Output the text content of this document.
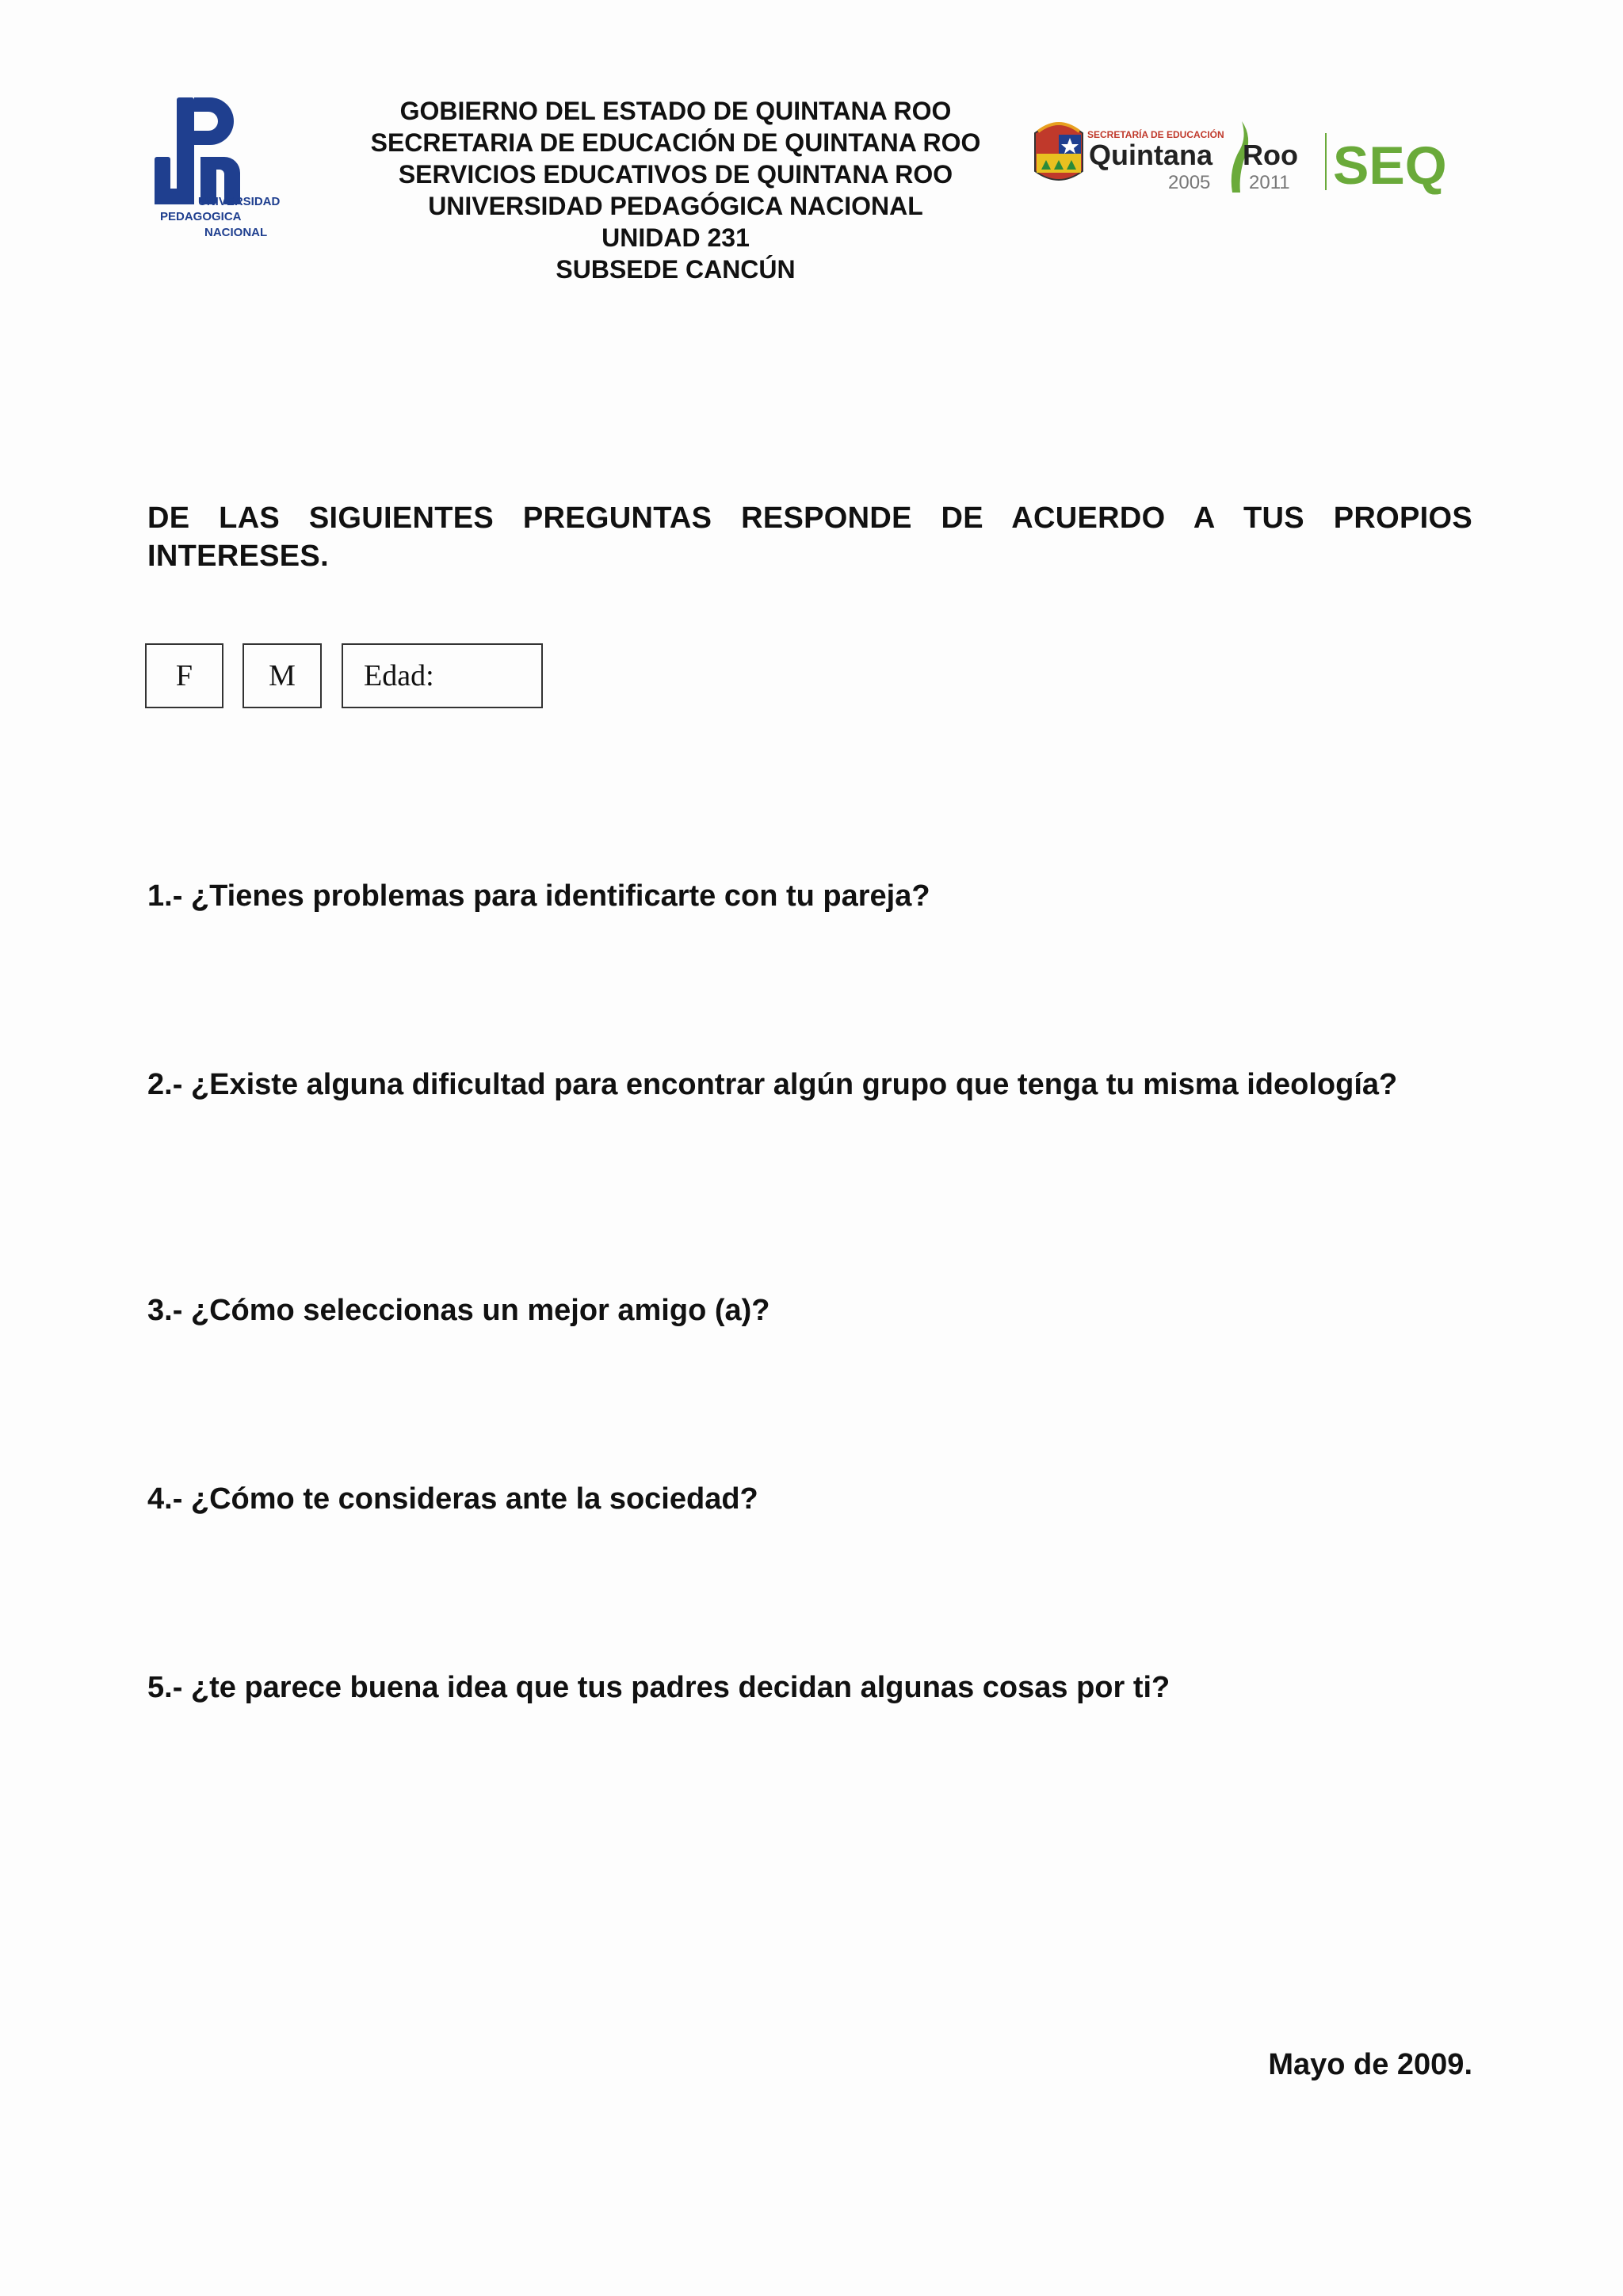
UNIVERSIDAD
PEDAGOGICA
NACIONAL
GOBIERNO DEL ESTADO DE QUINTANA ROO
SECRETARIA DE EDUCACIÓN DE QUINTANA ROO
SERVICIOS EDUCATIVOS DE QUINTANA ROO
UNIVERSIDAD PEDAGÓGICA NACIONAL
UNIDAD 231
SUBSEDE CANCÚN
SECRETARÍA DE EDUCACIÓN
Quintana Roo
2005 2011 SEQ
DE LAS SIGUIENTES PREGUNTAS RESPONDE DE ACUERDO A TUS PROPIOS INTERESES.
F	M	Edad:
1.- ¿Tienes problemas para identificarte con tu pareja?
2.- ¿Existe alguna dificultad para encontrar algún grupo que tenga tu misma ideología?
3.- ¿Cómo seleccionas un mejor amigo (a)?
4.- ¿Cómo te consideras ante la sociedad?
5.- ¿te parece buena idea que tus padres decidan algunas cosas por ti?
Mayo de 2009.
